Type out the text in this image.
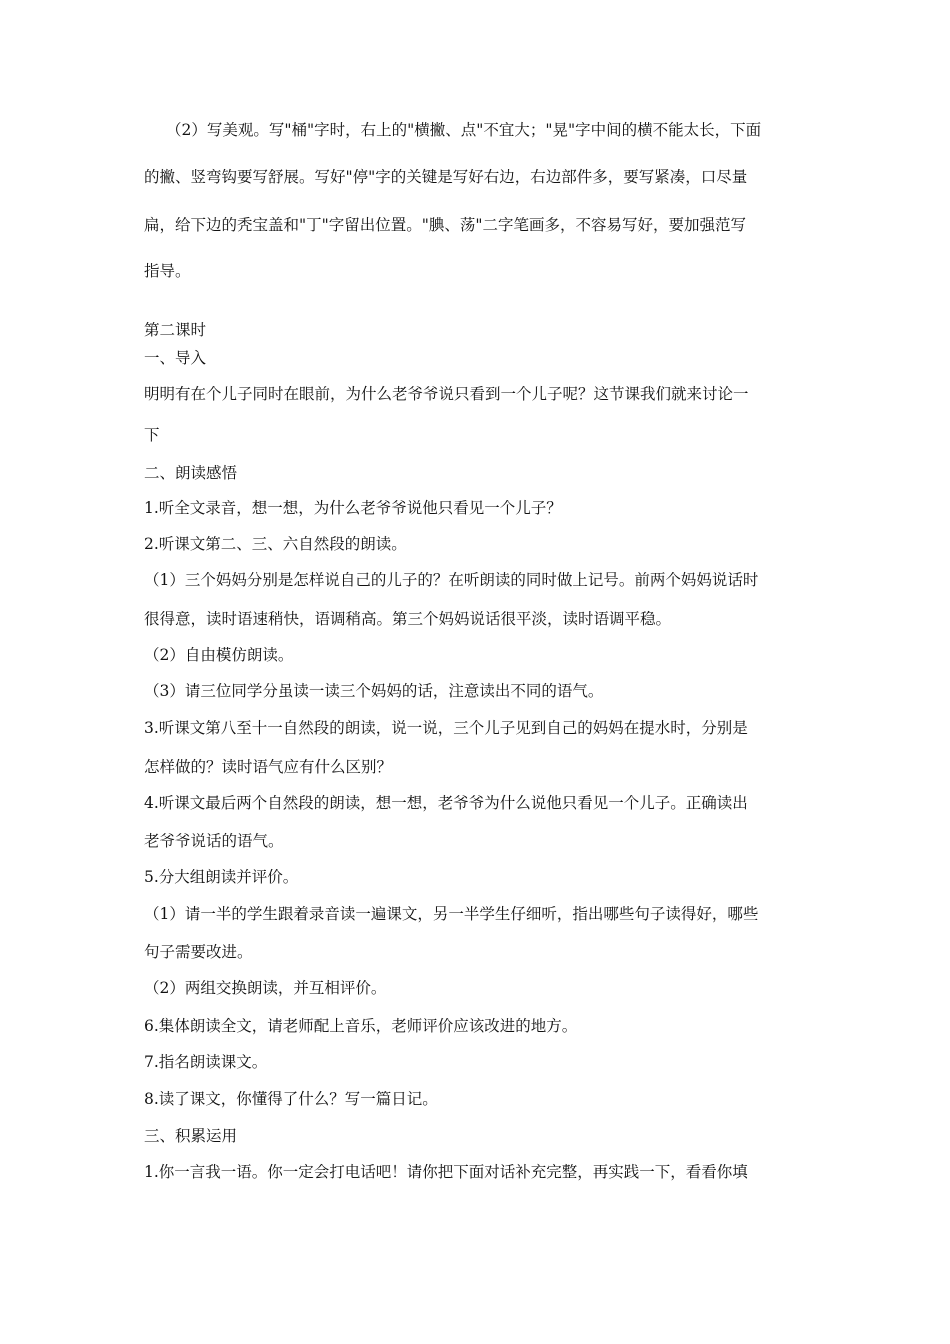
（2）写美观。写"桶"字时，右上的"横撇、点"不宜大；"晃"字中间的横不能太长，下面
的撇、竖弯钩要写舒展。写好"停"字的关键是写好右边，右边部件多，要写紧凑，口尽量
扁，给下边的秃宝盖和"丁"字留出位置。"腆、荡"二字笔画多，不容易写好，要加强范写
指导。
第二课时
一、导入
明明有在个儿子同时在眼前，为什么老爷爷说只看到一个儿子呢？这节课我们就来讨论一
下
二、朗读感悟
1.听全文录音，想一想，为什么老爷爷说他只看见一个儿子？
2.听课文第二、三、六自然段的朗读。
（1）三个妈妈分别是怎样说自己的儿子的？在听朗读的同时做上记号。前两个妈妈说话时
很得意，读时语速稍快，语调稍高。第三个妈妈说话很平淡，读时语调平稳。
（2）自由模仿朗读。
（3）请三位同学分虽读一读三个妈妈的话，注意读出不同的语气。
3.听课文第八至十一自然段的朗读，说一说，三个儿子见到自己的妈妈在提水时，分别是
怎样做的？读时语气应有什么区别？
4.听课文最后两个自然段的朗读，想一想，老爷爷为什么说他只看见一个儿子。正确读出
老爷爷说话的语气。
5.分大组朗读并评价。
（1）请一半的学生跟着录音读一遍课文，另一半学生仔细听，指出哪些句子读得好，哪些
句子需要改进。
（2）两组交换朗读，并互相评价。
6.集体朗读全文，请老师配上音乐，老师评价应该改进的地方。
7.指名朗读课文。
8.读了课文，你懂得了什么？写一篇日记。
三、积累运用
1.你一言我一语。你一定会打电话吧！请你把下面对话补充完整，再实践一下，看看你填
